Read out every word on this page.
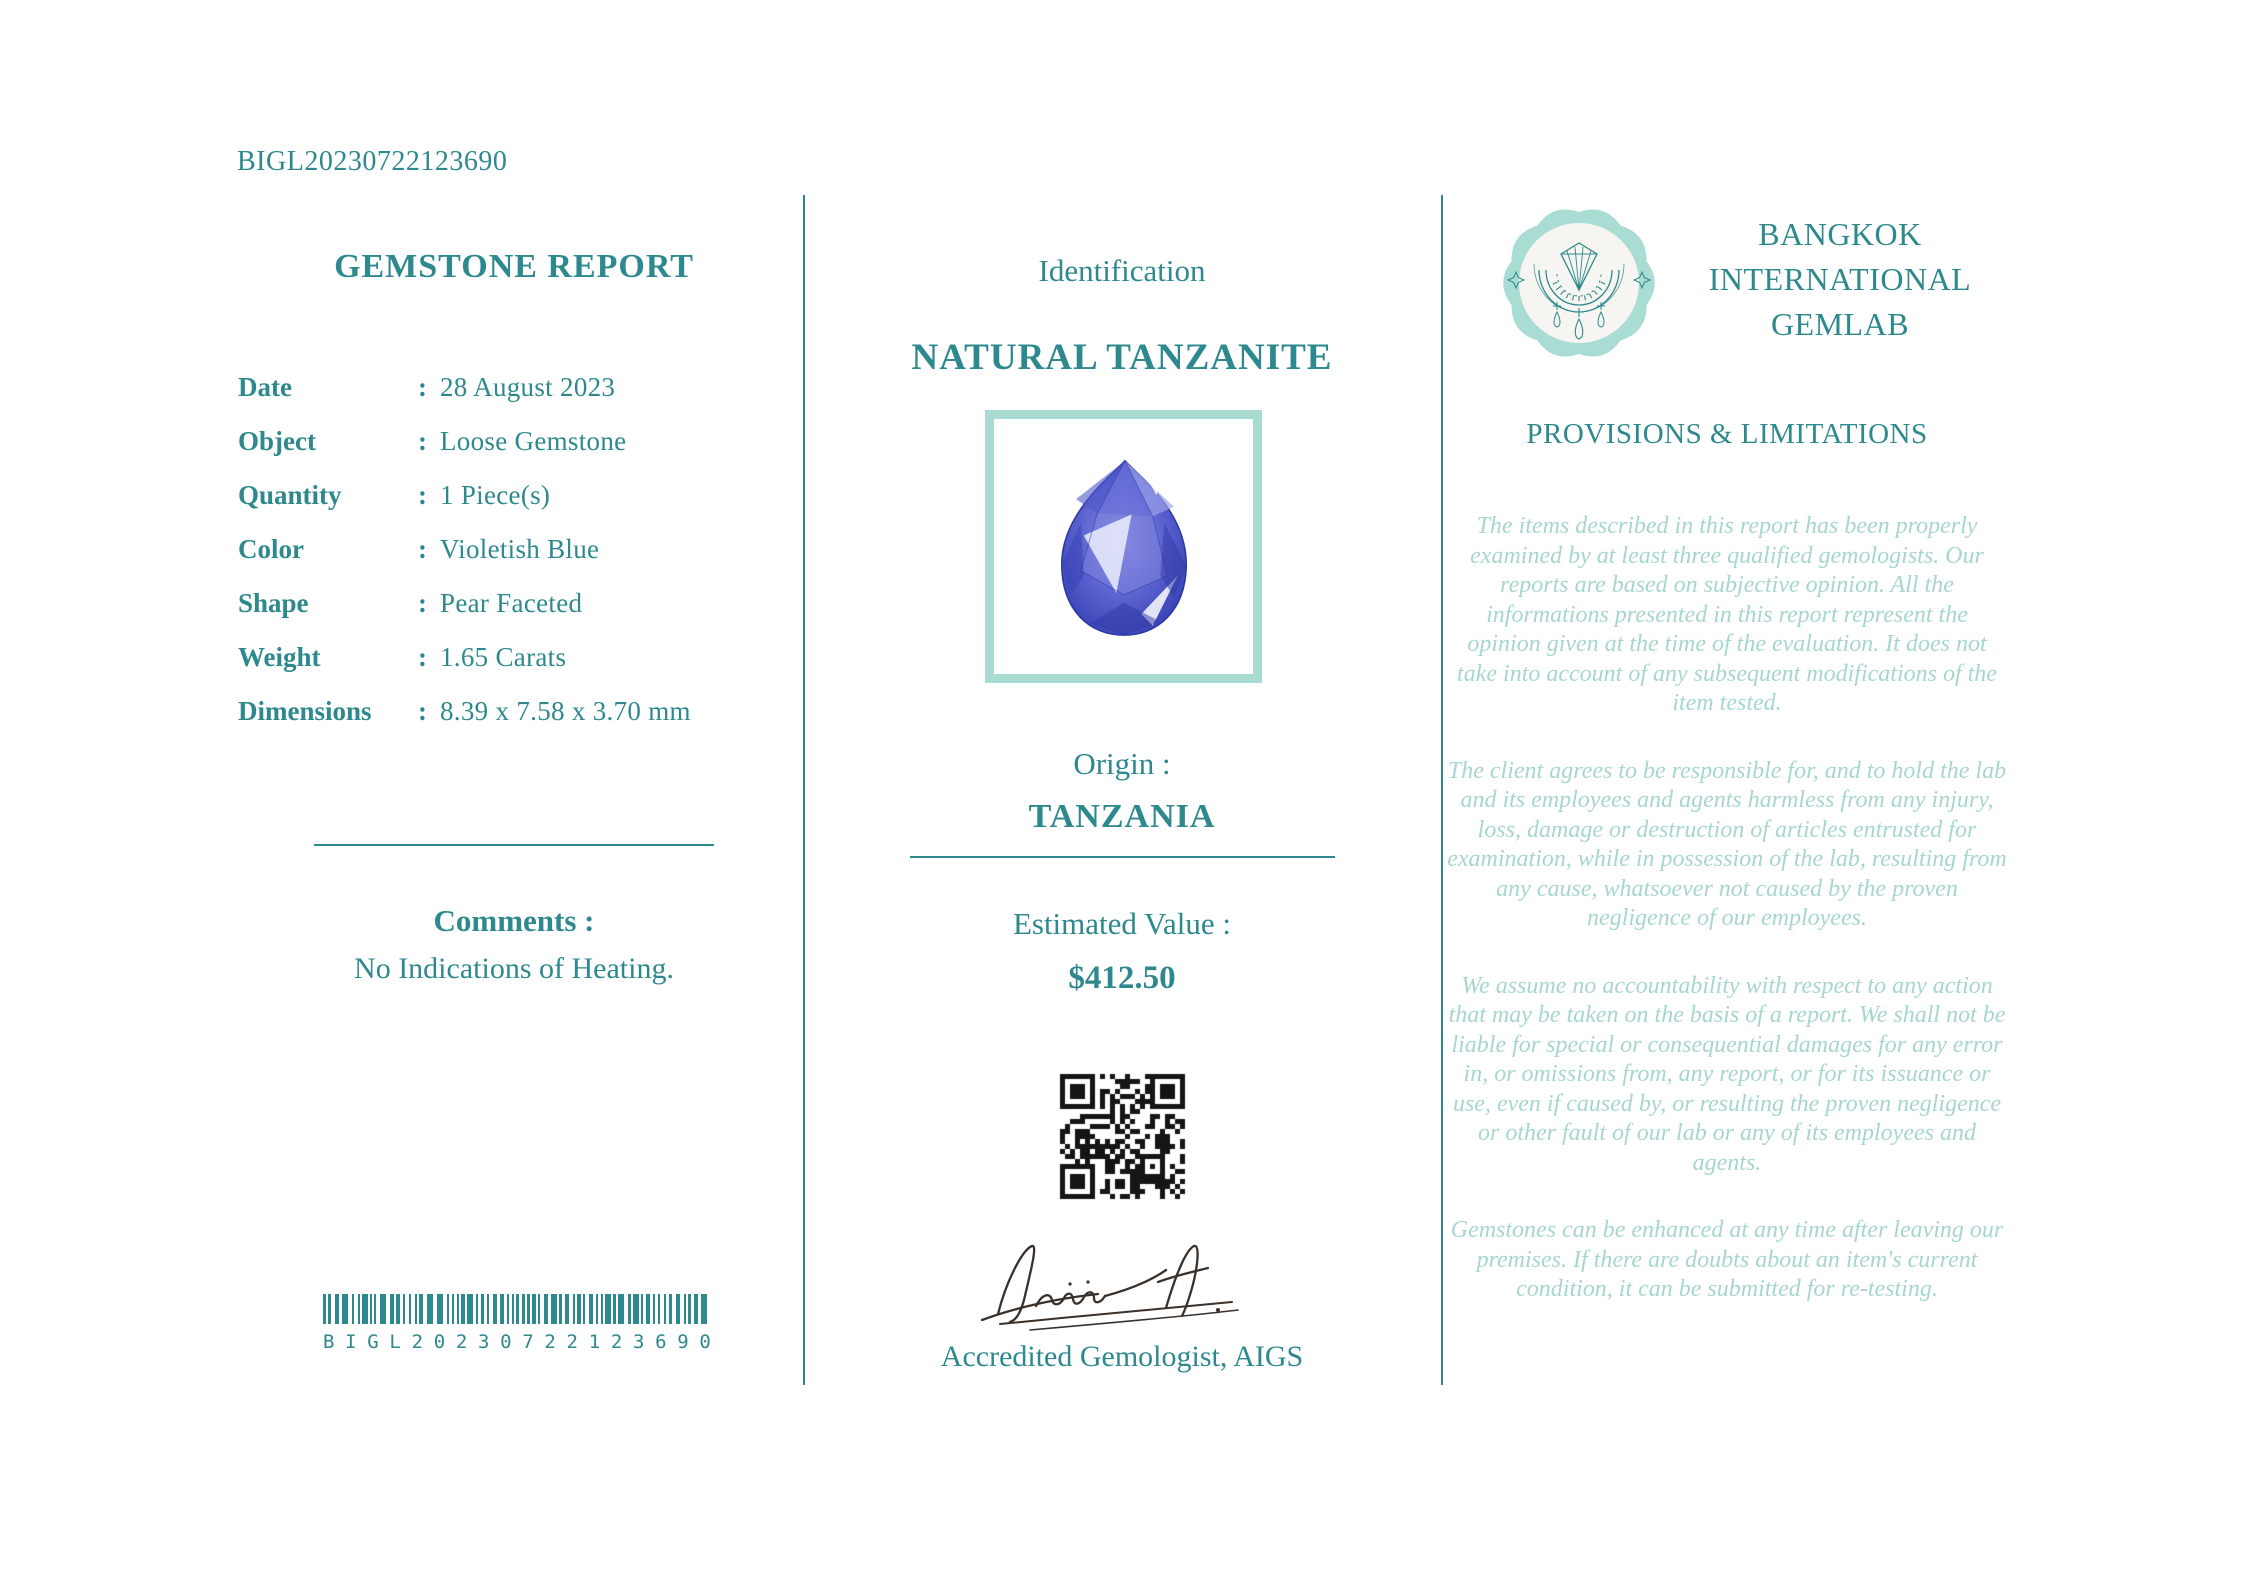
BIGL20230722123690
GEMSTONE REPORT
Date	: 28 August 2023
Object	: Loose Gemstone
Quantity	: 1 Piece(s)
Color	: Violetish Blue
Shape	: Pear Faceted
Weight	: 1.65 Carats
Dimensions	: 8.39 x 7.58 x 3.70 mm
Comments :
No Indications of Heating.
B I G L 2 0 2 3 0 7 2 2 1 2 3 6 9 0
Identification
NATURAL TANZANITE
Origin :
TANZANIA
Estimated Value :
$412.50
Accredited Gemologist, AIGS
BANGKOK
INTERNATIONAL
GEMLAB
PROVISIONS & LIMITATIONS

The items described in this report has been properly examined by at least three qualified gemologists. Our reports are based on subjective opinion. All the informations presented in this report represent the opinion given at the time of the evaluation. It does not take into account of any subsequent modifications of the item tested.

The client agrees to be responsible for, and to hold the lab and its employees and agents harmless from any injury, loss, damage or destruction of articles entrusted for examination, while in possession of the lab, resulting from any cause, whatsoever not caused by the proven negligence of our employees.

We assume no accountability with respect to any action that may be taken on the basis of a report. We shall not be liable for special or consequential damages for any error in, or omissions from, any report, or for its issuance or use, even if caused by, or resulting the proven negligence or other fault of our lab or any of its employees and agents.

Gemstones can be enhanced at any time after leaving our premises. If there are doubts about an item's current condition, it can be submitted for re-testing.
